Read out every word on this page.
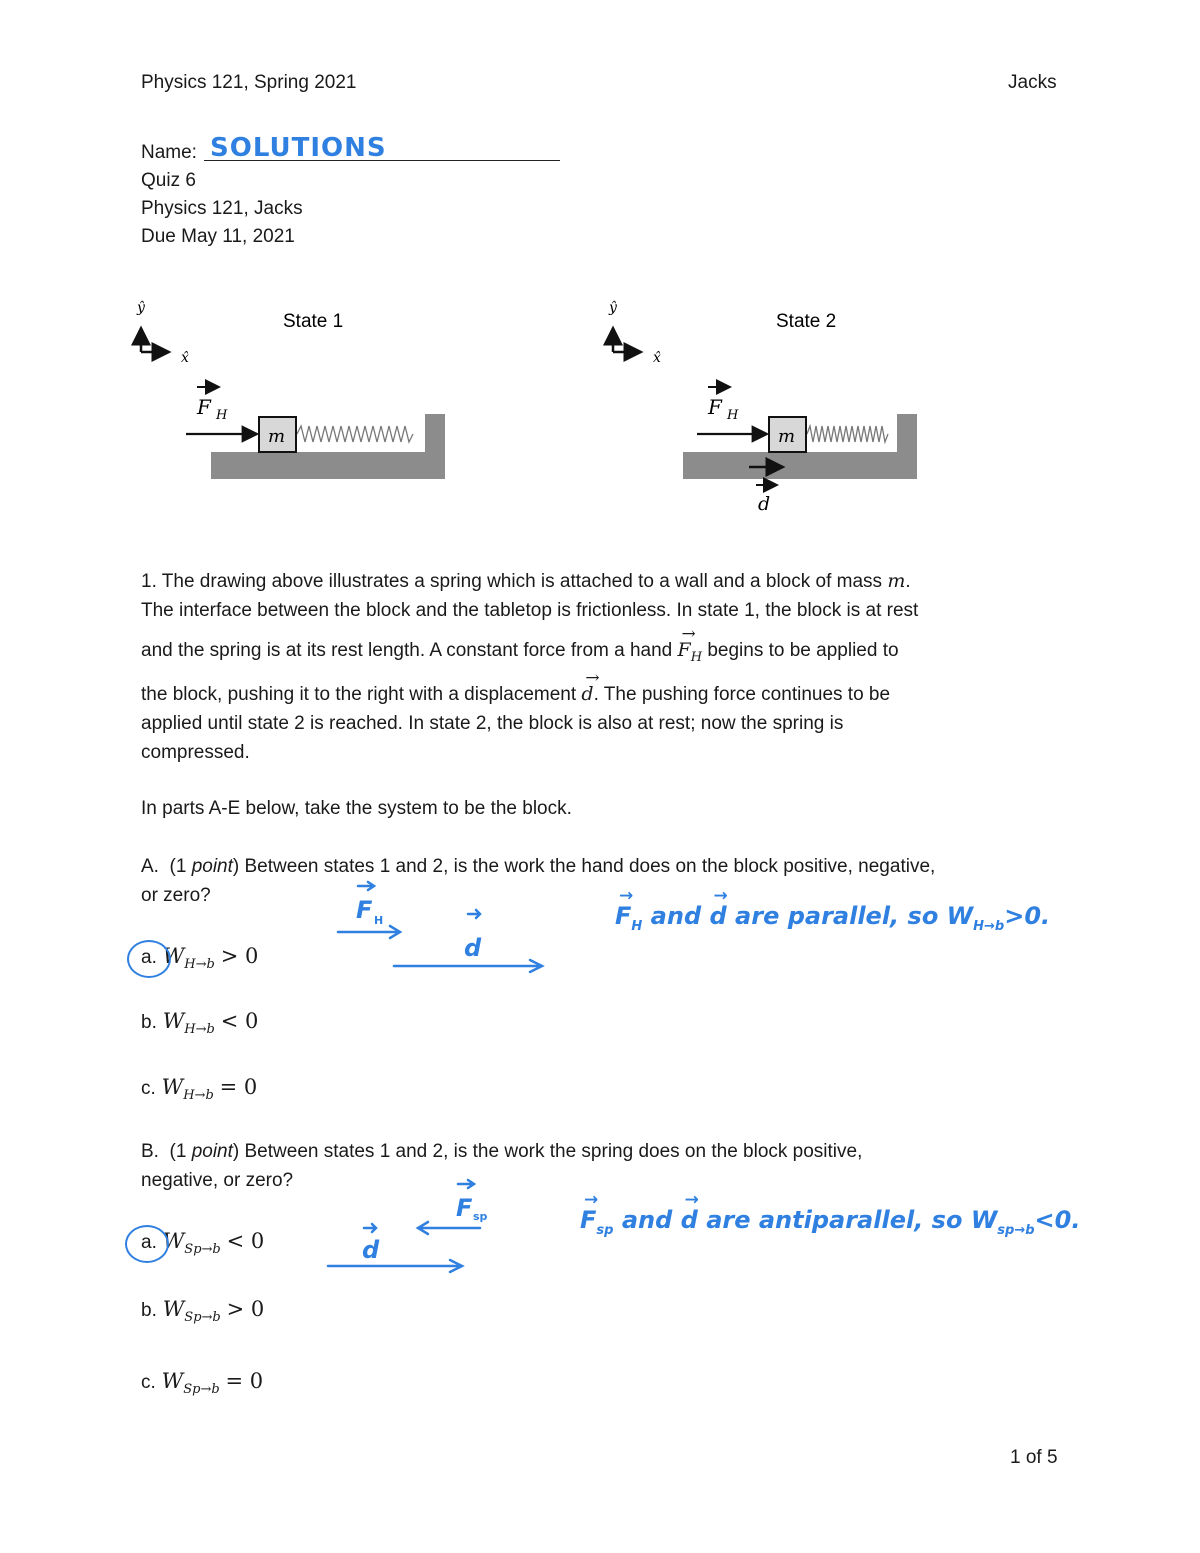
Physics 121, Spring 2021	Jacks
Name: SOLUTIONS
Quiz 6
Physics 121, Jacks
Due May 11, 2021
ŷ
x̂
State 1
F H
m
ŷ
x̂
State 2
F H
m
d
1. The drawing above illustrates a spring which is attached to a wall and a block of mass m.
The interface between the block and the tabletop is frictionless. In state 1, the block is at rest
and the spring is at its rest length. A constant force from a hand → $F_H$ begins to be applied to
the block, pushing it to the right with a displacement → d. The pushing force continues to be
applied until state 2 is reached. In state 2, the block is also at rest; now the spring is
compressed.
In parts A-E below, take the system to be the block.
A. (1 point) Between states 1 and 2, is the work the hand does on the block positive, negative,
or zero?
a. $W_{H\to b} > 0$
b. $W_{H\to b} < 0$
c. $W_{H\to b} = 0$
F H
d
→ $F_H$ and → d are parallel, so $W_{H\to b}>0$.
B. (1 point) Between states 1 and 2, is the work the spring does on the block positive,
negative, or zero?
a. $W_{Sp\to b} < 0$
b. $W_{Sp\to b} > 0$
c. $W_{Sp\to b} = 0$
F sp
d
→ $F_{sp}$ and → d are antiparallel, so $W_{sp\to b}<0$.
1 of 5
